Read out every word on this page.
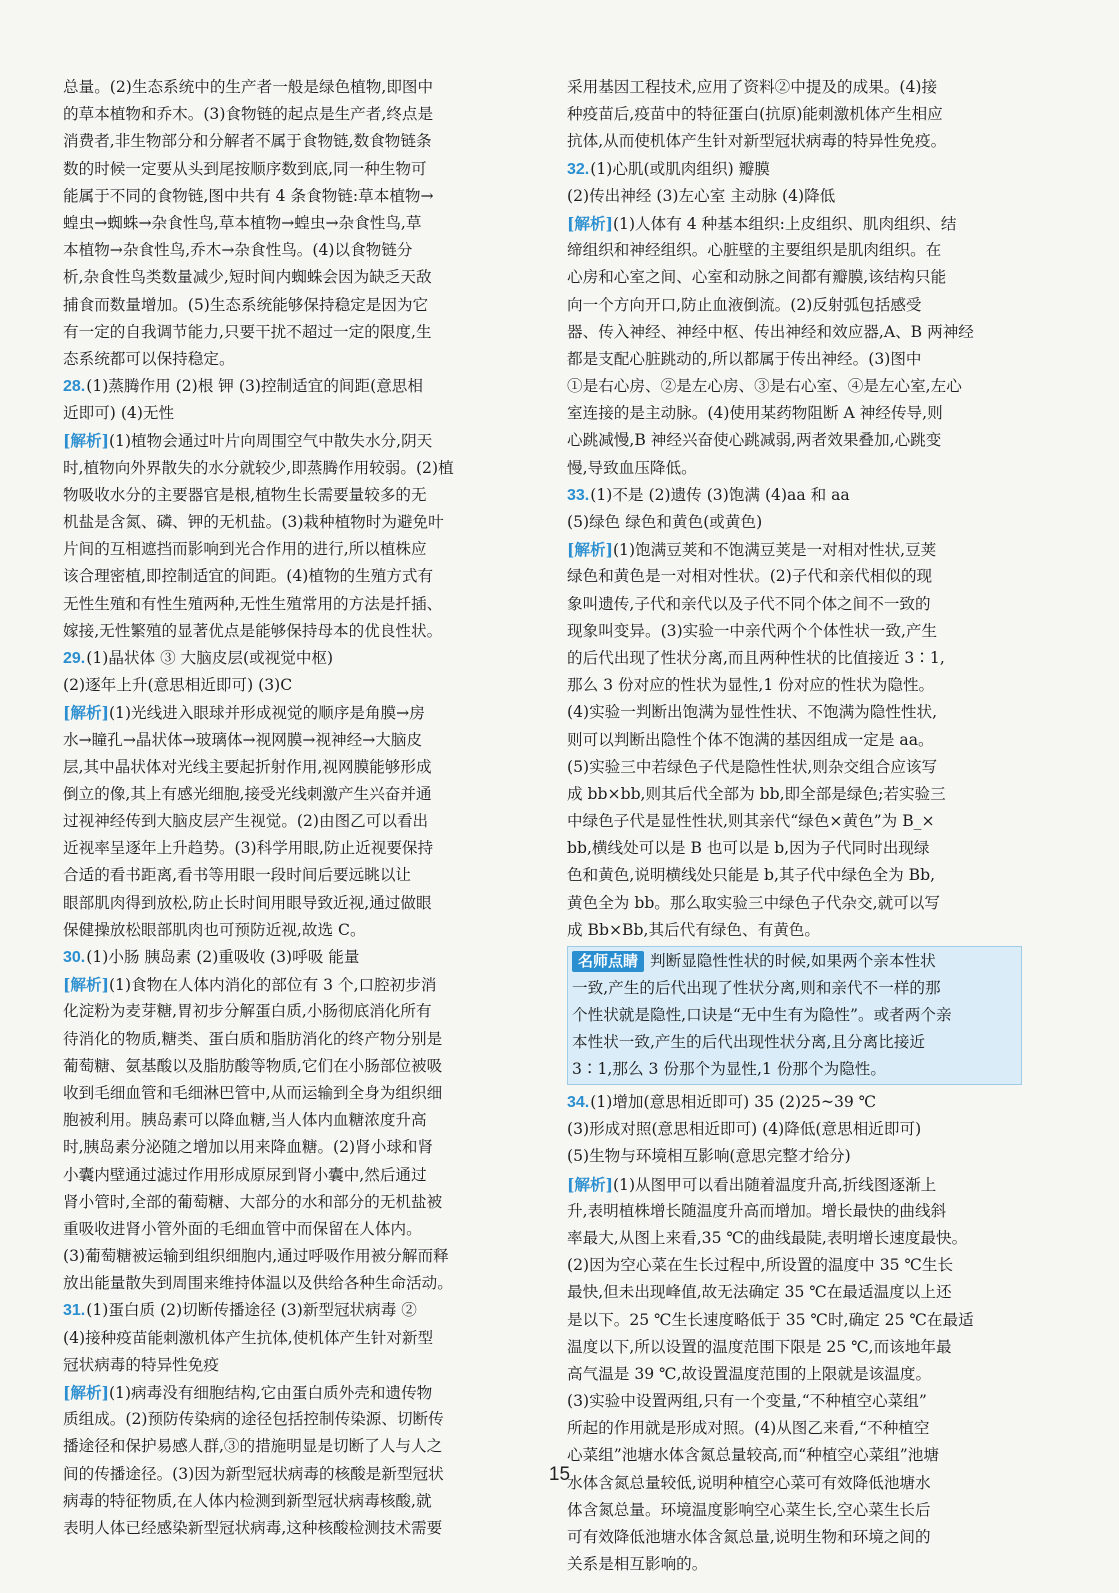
总量。(2)生态系统中的生产者一般是绿色植物,即图中
的草本植物和乔木。(3)食物链的起点是生产者,终点是
消费者,非生物部分和分解者不属于食物链,数食物链条
数的时候一定要从头到尾按顺序数到底,同一种生物可
能属于不同的食物链,图中共有 4 条食物链:草本植物→
蝗虫→蜘蛛→杂食性鸟,草本植物→蝗虫→杂食性鸟,草
本植物→杂食性鸟,乔木→杂食性鸟。(4)以食物链分
析,杂食性鸟类数量减少,短时间内蜘蛛会因为缺乏天敌
捕食而数量增加。(5)生态系统能够保持稳定是因为它
有一定的自我调节能力,只要干扰不超过一定的限度,生
态系统都可以保持稳定。
28.(1)蒸腾作用 (2)根 钾 (3)控制适宜的间距(意思相
近即可) (4)无性
[解析](1)植物会通过叶片向周围空气中散失水分,阴天
时,植物向外界散失的水分就较少,即蒸腾作用较弱。(2)植
物吸收水分的主要器官是根,植物生长需要量较多的无
机盐是含氮、磷、钾的无机盐。(3)栽种植物时为避免叶
片间的互相遮挡而影响到光合作用的进行,所以植株应
该合理密植,即控制适宜的间距。(4)植物的生殖方式有
无性生殖和有性生殖两种,无性生殖常用的方法是扦插、
嫁接,无性繁殖的显著优点是能够保持母本的优良性状。
29.(1)晶状体 ③ 大脑皮层(或视觉中枢)
(2)逐年上升(意思相近即可) (3)C
[解析](1)光线进入眼球并形成视觉的顺序是角膜→房
水→瞳孔→晶状体→玻璃体→视网膜→视神经→大脑皮
层,其中晶状体对光线主要起折射作用,视网膜能够形成
倒立的像,其上有感光细胞,接受光线刺激产生兴奋并通
过视神经传到大脑皮层产生视觉。(2)由图乙可以看出
近视率呈逐年上升趋势。(3)科学用眼,防止近视要保持
合适的看书距离,看书等用眼一段时间后要远眺以让
眼部肌肉得到放松,防止长时间用眼导致近视,通过做眼
保健操放松眼部肌肉也可预防近视,故选 C。
30.(1)小肠 胰岛素 (2)重吸收 (3)呼吸 能量
[解析](1)食物在人体内消化的部位有 3 个,口腔初步消
化淀粉为麦芽糖,胃初步分解蛋白质,小肠彻底消化所有
待消化的物质,糖类、蛋白质和脂肪消化的终产物分别是
葡萄糖、氨基酸以及脂肪酸等物质,它们在小肠部位被吸
收到毛细血管和毛细淋巴管中,从而运输到全身为组织细
胞被利用。胰岛素可以降血糖,当人体内血糖浓度升高
时,胰岛素分泌随之增加以用来降血糖。(2)肾小球和肾
小囊内壁通过滤过作用形成原尿到肾小囊中,然后通过
肾小管时,全部的葡萄糖、大部分的水和部分的无机盐被
重吸收进肾小管外面的毛细血管中而保留在人体内。
(3)葡萄糖被运输到组织细胞内,通过呼吸作用被分解而释
放出能量散失到周围来维持体温以及供给各种生命活动。
31.(1)蛋白质 (2)切断传播途径 (3)新型冠状病毒 ②
(4)接种疫苗能刺激机体产生抗体,使机体产生针对新型
冠状病毒的特异性免疫
[解析](1)病毒没有细胞结构,它由蛋白质外壳和遗传物
质组成。(2)预防传染病的途径包括控制传染源、切断传
播途径和保护易感人群,③的措施明显是切断了人与人之
间的传播途径。(3)因为新型冠状病毒的核酸是新型冠状
病毒的特征物质,在人体内检测到新型冠状病毒核酸,就
表明人体已经感染新型冠状病毒,这种核酸检测技术需要
采用基因工程技术,应用了资料②中提及的成果。(4)接
种疫苗后,疫苗中的特征蛋白(抗原)能刺激机体产生相应
抗体,从而使机体产生针对新型冠状病毒的特异性免疫。
32.(1)心肌(或肌肉组织) 瓣膜
(2)传出神经 (3)左心室 主动脉 (4)降低
[解析](1)人体有 4 种基本组织:上皮组织、肌肉组织、结
缔组织和神经组织。心脏壁的主要组织是肌肉组织。在
心房和心室之间、心室和动脉之间都有瓣膜,该结构只能
向一个方向开口,防止血液倒流。(2)反射弧包括感受
器、传入神经、神经中枢、传出神经和效应器,A、B 两神经
都是支配心脏跳动的,所以都属于传出神经。(3)图中
①是右心房、②是左心房、③是右心室、④是左心室,左心
室连接的是主动脉。(4)使用某药物阻断 A 神经传导,则
心跳减慢,B 神经兴奋使心跳减弱,两者效果叠加,心跳变
慢,导致血压降低。
33.(1)不是 (2)遗传 (3)饱满 (4)aa 和 aa
(5)绿色 绿色和黄色(或黄色)
[解析](1)饱满豆荚和不饱满豆荚是一对相对性状,豆荚
绿色和黄色是一对相对性状。(2)子代和亲代相似的现
象叫遗传,子代和亲代以及子代不同个体之间不一致的
现象叫变异。(3)实验一中亲代两个个体性状一致,产生
的后代出现了性状分离,而且两种性状的比值接近 3∶1,
那么 3 份对应的性状为显性,1 份对应的性状为隐性。
(4)实验一判断出饱满为显性性状、不饱满为隐性性状,
则可以判断出隐性个体不饱满的基因组成一定是 aa。
(5)实验三中若绿色子代是隐性性状,则杂交组合应该写
成 bb×bb,则其后代全部为 bb,即全部是绿色;若实验三
中绿色子代是显性性状,则其亲代“绿色×黄色”为 B_×
bb,横线处可以是 B 也可以是 b,因为子代同时出现绿
色和黄色,说明横线处只能是 b,其子代中绿色全为 Bb,
黄色全为 bb。那么取实验三中绿色子代杂交,就可以写
成 Bb×Bb,其后代有绿色、有黄色。
名师点睛 判断显隐性性状的时候,如果两个亲本性状
一致,产生的后代出现了性状分离,则和亲代不一样的那
个性状就是隐性,口诀是“无中生有为隐性”。或者两个亲
本性状一致,产生的后代出现性状分离,且分离比接近
3∶1,那么 3 份那个为显性,1 份那个为隐性。
34.(1)增加(意思相近即可) 35 (2)25~39 ℃
(3)形成对照(意思相近即可) (4)降低(意思相近即可)
(5)生物与环境相互影响(意思完整才给分)
[解析](1)从图甲可以看出随着温度升高,折线图逐渐上
升,表明植株增长随温度升高而增加。增长最快的曲线斜
率最大,从图上来看,35 ℃的曲线最陡,表明增长速度最快。
(2)因为空心菜在生长过程中,所设置的温度中 35 ℃生长
最快,但未出现峰值,故无法确定 35 ℃在最适温度以上还
是以下。25 ℃生长速度略低于 35 ℃时,确定 25 ℃在最适
温度以下,所以设置的温度范围下限是 25 ℃,而该地年最
高气温是 39 ℃,故设置温度范围的上限就是该温度。
(3)实验中设置两组,只有一个变量,“不种植空心菜组”
所起的作用就是形成对照。(4)从图乙来看,“不种植空
心菜组”池塘水体含氮总量较高,而“种植空心菜组”池塘
水体含氮总量较低,说明种植空心菜可有效降低池塘水
体含氮总量。环境温度影响空心菜生长,空心菜生长后
可有效降低池塘水体含氮总量,说明生物和环境之间的
关系是相互影响的。
15
